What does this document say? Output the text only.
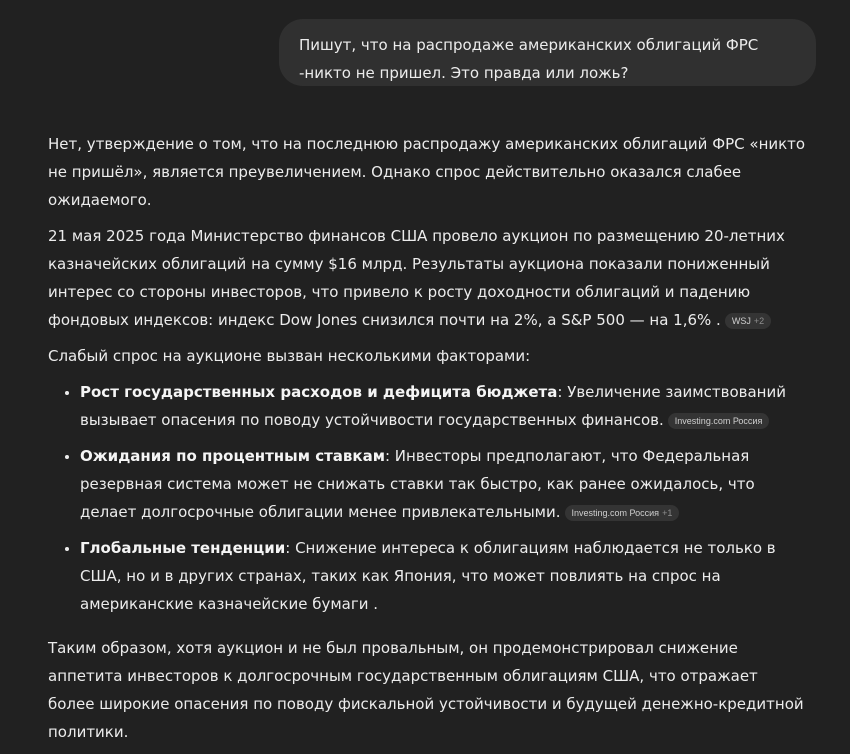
Пишут, что на распродаже американских облигаций ФРС -никто не пришел. Это правда или ложь?

Нет, утверждение о том, что на последнюю распродажу американских облигаций ФРС «никто не пришёл», является преувеличением. Однако спрос действительно оказался слабее ожидаемого.

21 мая 2025 года Министерство финансов США провело аукцион по размещению 20-летних казначейских облигаций на сумму $16 млрд. Результаты аукциона показали пониженный интерес со стороны инвесторов, что привело к росту доходности облигаций и падению фондовых индексов: индекс Dow Jones снизился почти на 2%, а S&P 500 — на 1,6% . WSJ +2

Слабый спрос на аукционе вызван несколькими факторами:

• Рост государственных расходов и дефицита бюджета: Увеличение заимствований вызывает опасения по поводу устойчивости государственных финансов. Investing.com Россия
• Ожидания по процентным ставкам: Инвесторы предполагают, что Федеральная резервная система может не снижать ставки так быстро, как ранее ожидалось, что делает долгосрочные облигации менее привлекательными. Investing.com Россия +1
• Глобальные тенденции: Снижение интереса к облигациям наблюдается не только в США, но и в других странах, таких как Япония, что может повлиять на спрос на американские казначейские бумаги .

Таким образом, хотя аукцион и не был провальным, он продемонстрировал снижение аппетита инвесторов к долгосрочным государственным облигациям США, что отражает более широкие опасения по поводу фискальной устойчивости и будущей денежно-кредитной политики.
